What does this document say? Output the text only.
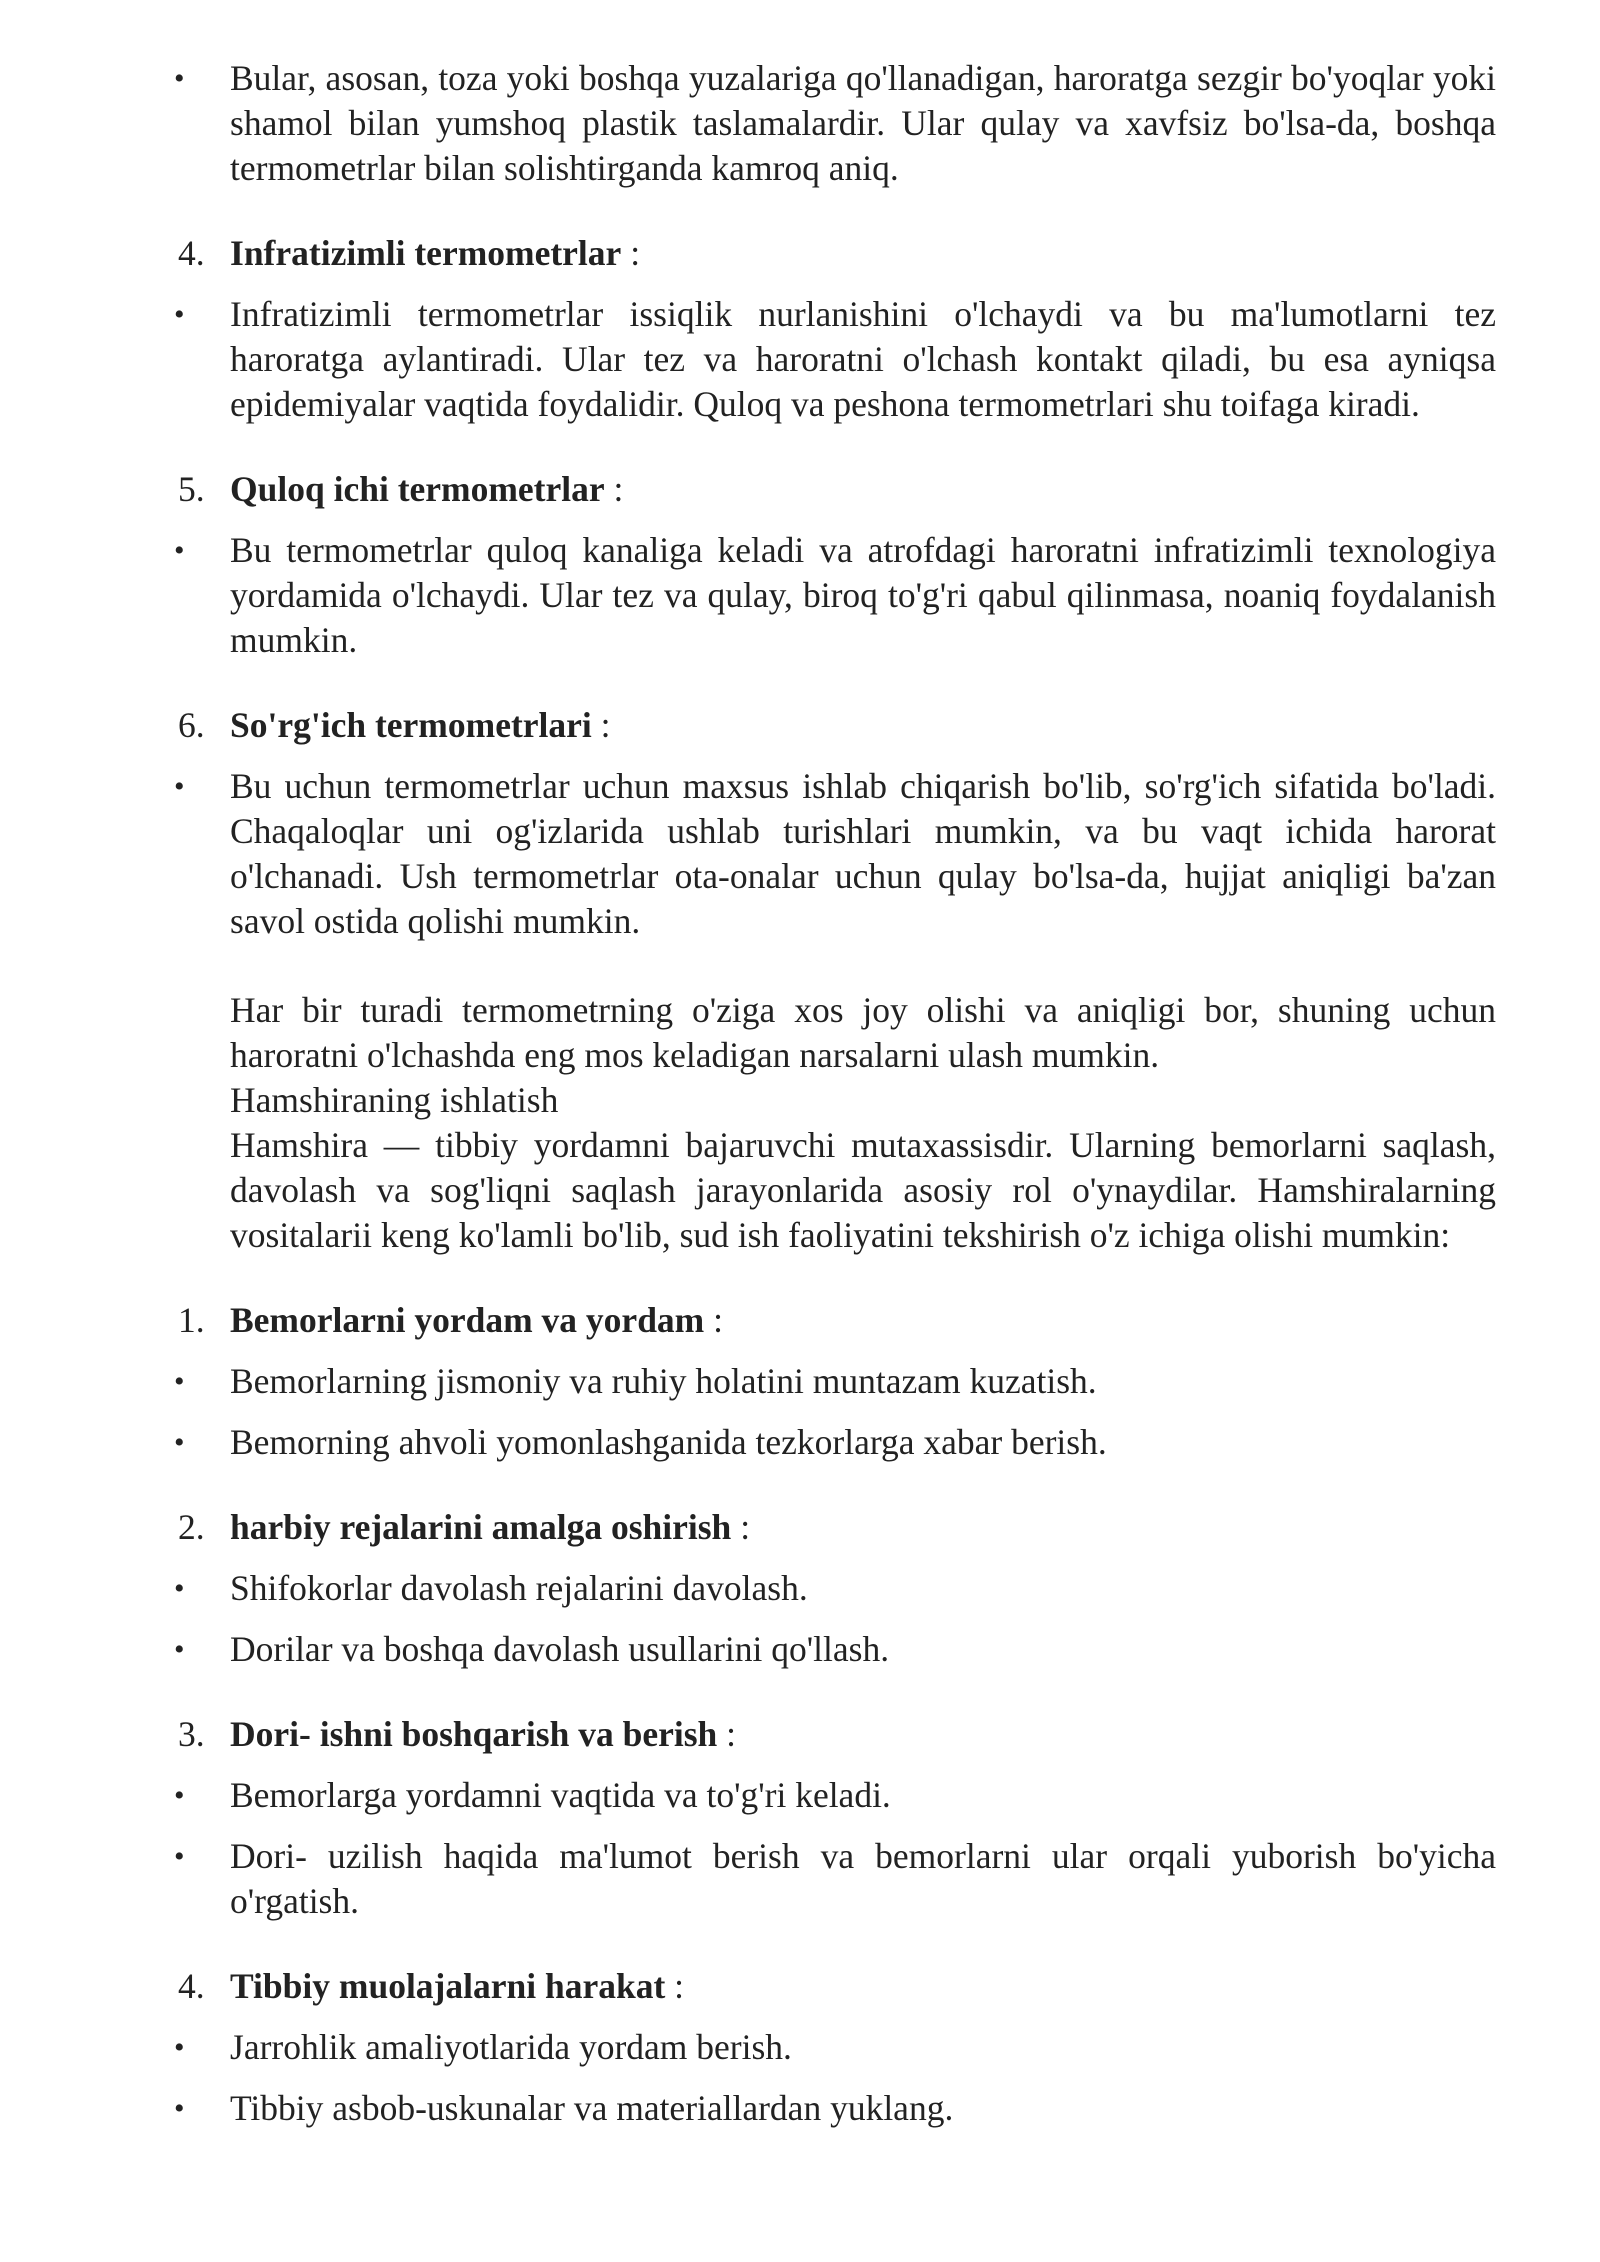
• Bular, asosan, toza yoki boshqa yuzalariga qo'llanadigan, haroratga sezgir bo'yoqlar yoki shamol bilan yumshoq plastik taslamalardir. Ular qulay va xavfsiz bo'lsa-da, boshqa termometrlar bilan solishtirganda kamroq aniq.
4. Infratizimli termometrlar :
• Infratizimli termometrlar issiqlik nurlanishini o'lchaydi va bu ma'lumotlarni tez haroratga aylantiradi. Ular tez va haroratni o'lchash kontakt qiladi, bu esa ayniqsa epidemiyalar vaqtida foydalidir. Quloq va peshona termometrlari shu toifaga kiradi.
5. Quloq ichi termometrlar :
• Bu termometrlar quloq kanaliga keladi va atrofdagi haroratni infratizimli texnologiya yordamida o'lchaydi. Ular tez va qulay, biroq to'g'ri qabul qilinmasa, noaniq foydalanish mumkin.
6. So'rg'ich termometrlari :
• Bu uchun termometrlar uchun maxsus ishlab chiqarish bo'lib, so'rg'ich sifatida bo'ladi. Chaqaloqlar uni og'izlarida ushlab turishlari mumkin, va bu vaqt ichida harorat o'lchanadi. Ush termometrlar ota-onalar uchun qulay bo'lsa-da, hujjat aniqligi ba'zan savol ostida qolishi mumkin.
Har bir turadi termometrning o'ziga xos joy olishi va aniqligi bor, shuning uchun haroratni o'lchashda eng mos keladigan narsalarni ulash mumkin.
Hamshiraning ishlatish
Hamshira — tibbiy yordamni bajaruvchi mutaxassisdir. Ularning bemorlarni saqlash, davolash va sog'liqni saqlash jarayonlarida asosiy rol o'ynaydilar. Hamshiralarning vositalarii keng ko'lamli bo'lib, sud ish faoliyatini tekshirish o'z ichiga olishi mumkin:
1. Bemorlarni yordam va yordam :
• Bemorlarning jismoniy va ruhiy holatini muntazam kuzatish.
• Bemorning ahvoli yomonlashganida tezkorlarga xabar berish.
2. harbiy rejalarini amalga oshirish :
• Shifokorlar davolash rejalarini davolash.
• Dorilar va boshqa davolash usullarini qo'llash.
3. Dori- ishni boshqarish va berish :
• Bemorlarga yordamni vaqtida va to'g'ri keladi.
• Dori- uzilish haqida ma'lumot berish va bemorlarni ular orqali yuborish bo'yicha o'rgatish.
4. Tibbiy muolajalarni harakat :
• Jarrohlik amaliyotlarida yordam berish.
• Tibbiy asbob-uskunalar va materiallardan yuklang.
